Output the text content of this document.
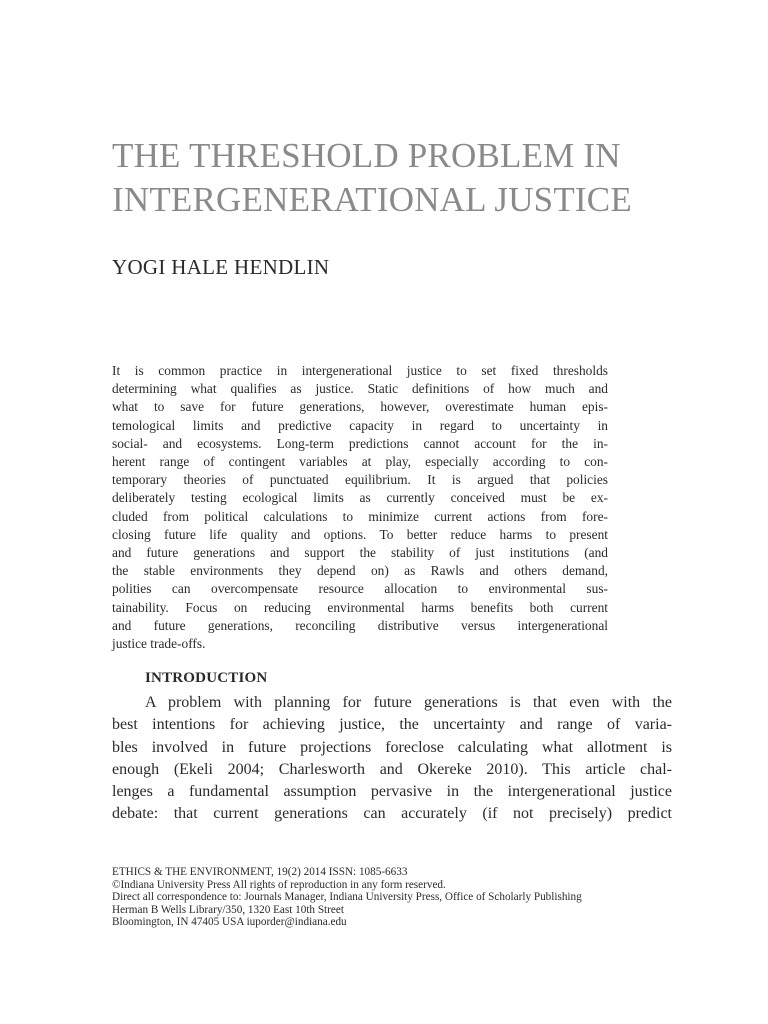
THE THRESHOLD PROBLEM IN
INTERGENERATIONAL JUSTICE
YOGI HALE HENDLIN
It is common practice in intergenerational justice to set fixed thresholds
determining what qualifies as justice. Static definitions of how much and
what to save for future generations, however, overestimate human epis-
temological limits and predictive capacity in regard to uncertainty in
social- and ecosystems. Long-term predictions cannot account for the in-
herent range of contingent variables at play, especially according to con-
temporary theories of punctuated equilibrium. It is argued that policies
deliberately testing ecological limits as currently conceived must be ex-
cluded from political calculations to minimize current actions from fore-
closing future life quality and options. To better reduce harms to present
and future generations and support the stability of just institutions (and
the stable environments they depend on) as Rawls and others demand,
polities can overcompensate resource allocation to environmental sus-
tainability. Focus on reducing environmental harms benefits both current
and future generations, reconciling distributive versus intergenerational
justice trade-offs.
INTRODUCTION
A problem with planning for future generations is that even with the
best intentions for achieving justice, the uncertainty and range of varia-
bles involved in future projections foreclose calculating what allotment is
enough (Ekeli 2004; Charlesworth and Okereke 2010). This article chal-
lenges a fundamental assumption pervasive in the intergenerational justice
debate: that current generations can accurately (if not precisely) predict
ETHICS & THE ENVIRONMENT, 19(2) 2014 ISSN: 1085-6633
©Indiana University Press All rights of reproduction in any form reserved.
Direct all correspondence to: Journals Manager, Indiana University Press, Office of Scholarly Publishing
Herman B Wells Library/350, 1320 East 10th Street
Bloomington, IN 47405 USA iuporder@indiana.edu
